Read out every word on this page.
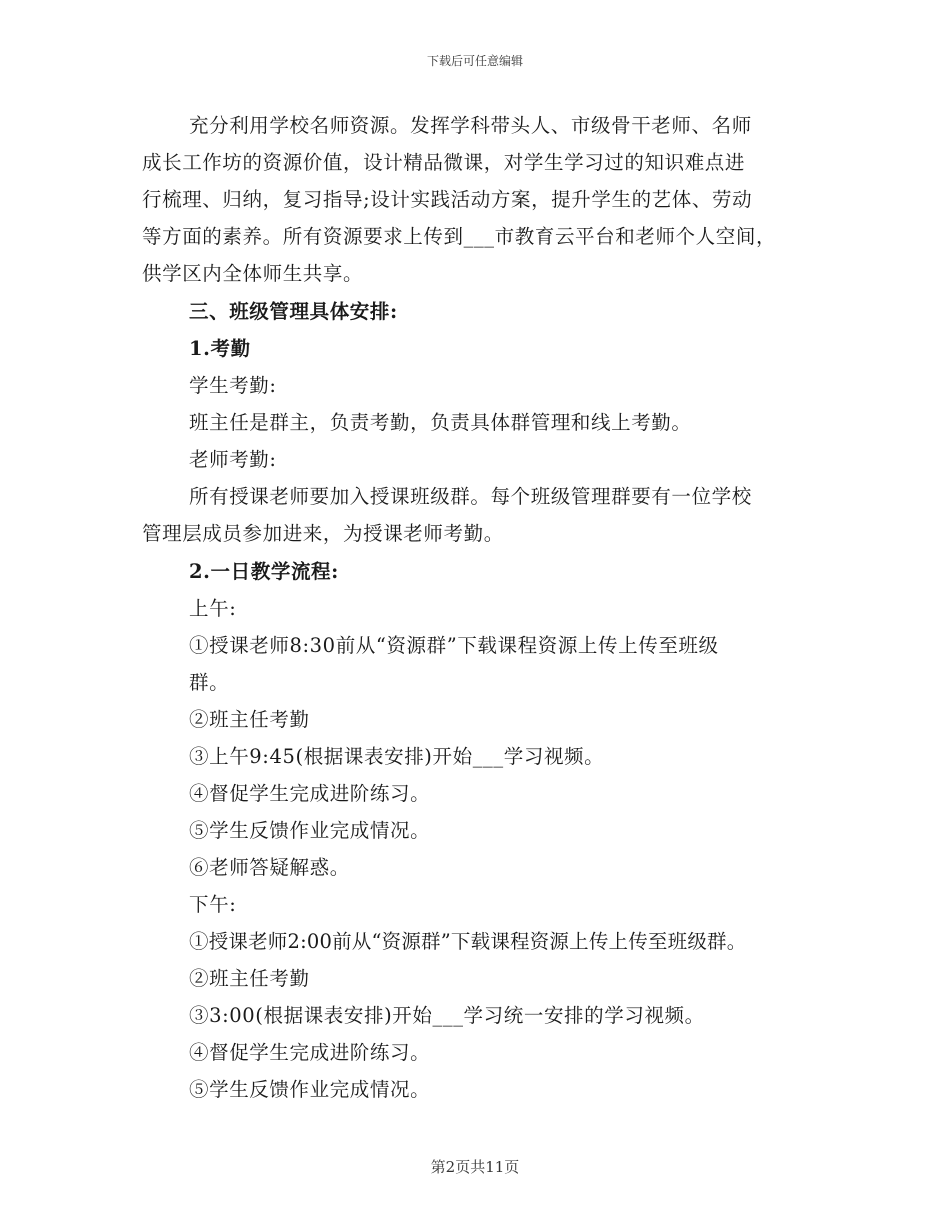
下载后可任意编辑
充分利用学校名师资源。发挥学科带头人、市级骨干老师、名师
成长工作坊的资源价值，设计精品微课，对学生学习过的知识难点进
行梳理、归纳，复习指导;设计实践活动方案，提升学生的艺体、劳动
等方面的素养。所有资源要求上传到___市教育云平台和老师个人空间，
供学区内全体师生共享。
三、班级管理具体安排:
1.考勤
学生考勤:
班主任是群主，负责考勤，负责具体群管理和线上考勤。
老师考勤:
所有授课老师要加入授课班级群。每个班级管理群要有一位学校
管理层成员参加进来，为授课老师考勤。
2.一日教学流程:
上午:
①授课老师8:30前从“资源群”下载课程资源上传上传至班级
群。
②班主任考勤
③上午9:45(根据课表安排)开始___学习视频。
④督促学生完成进阶练习。
⑤学生反馈作业完成情况。
⑥老师答疑解惑。
下午:
①授课老师2:00前从“资源群”下载课程资源上传上传至班级群。
②班主任考勤
③3:00(根据课表安排)开始___学习统一安排的学习视频。
④督促学生完成进阶练习。
⑤学生反馈作业完成情况。
第2页共11页
